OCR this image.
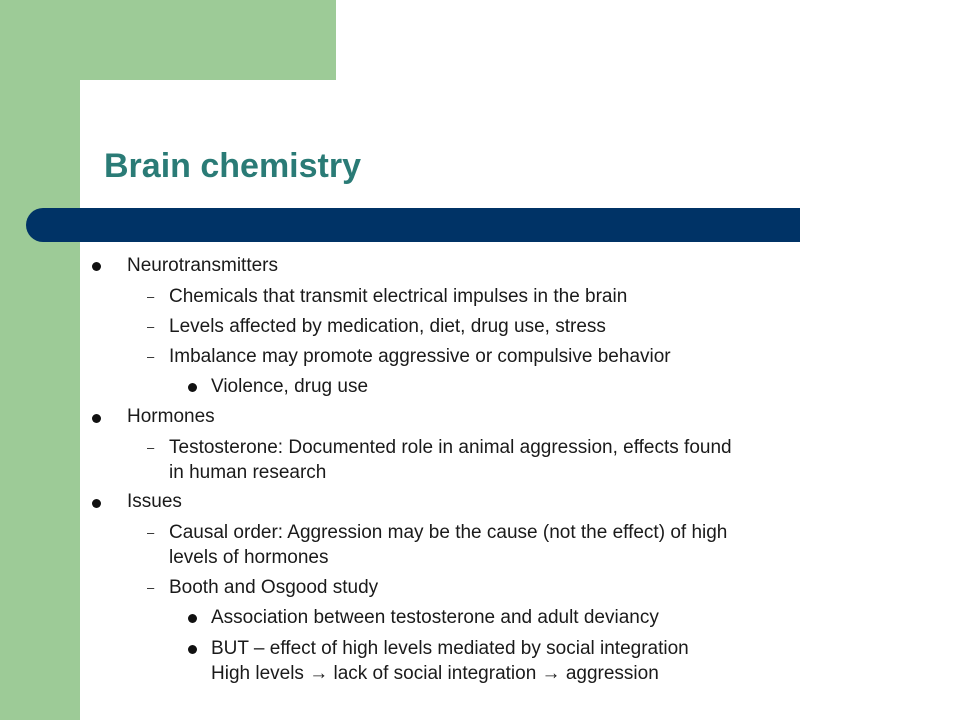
Brain chemistry
Neurotransmitters
– Chemicals that transmit electrical impulses in the brain
– Levels affected by medication, diet, drug use, stress
– Imbalance may promote aggressive or compulsive behavior
Violence, drug use
Hormones
– Testosterone: Documented role in animal aggression, effects found
in human research
Issues
– Causal order: Aggression may be the cause (not the effect) of high
levels of hormones
– Booth and Osgood study
Association between testosterone and adult deviancy
BUT – effect of high levels mediated by social integration
High levels → lack of social integration → aggression
